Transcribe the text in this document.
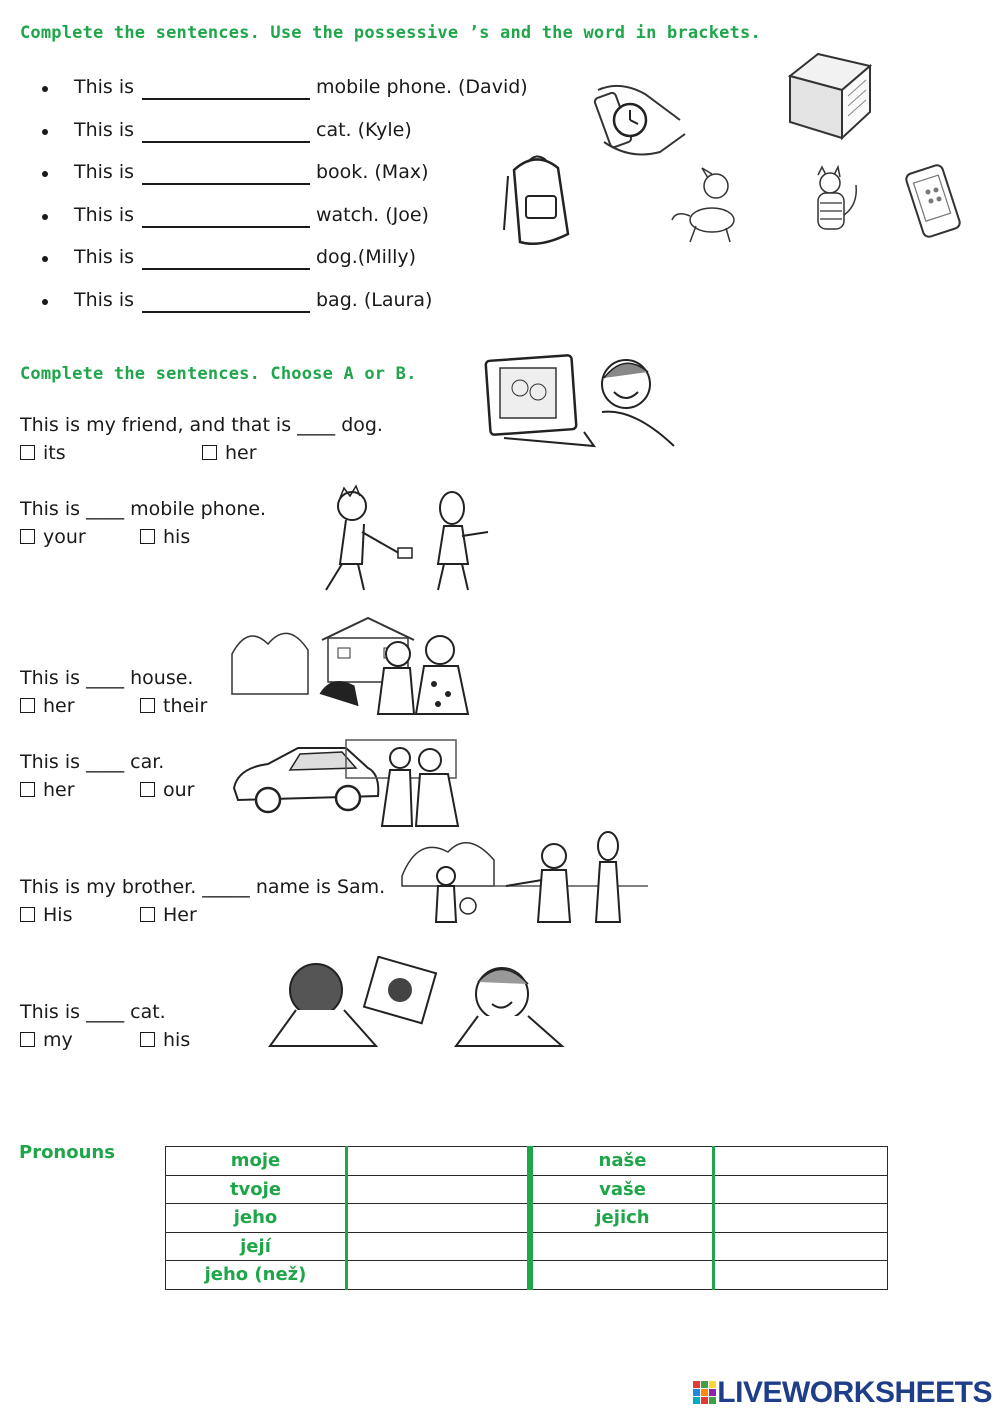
Complete the sentences. Use the possessive ’s and the word in brackets.
This is	mobile phone. (David)
This is	cat. (Kyle)
This is	book. (Max)
This is	watch. (Joe)
This is	dog.(Milly)
This is	bag. (Laura)
Complete the sentences. Choose A or B.
This is my friend, and that is ____ dog.
its	her
This is ____ mobile phone.
your	his
This is ____ house.
her	their
This is ____ car.
her	our
This is my brother. _____ name is Sam.
His	Her
This is ____ cat.
my	his
Pronouns	moje		naše	
tvoje		vaše	
jeho		jejich	
její			
jeho (než)			
LIVEWORKSHEETS
